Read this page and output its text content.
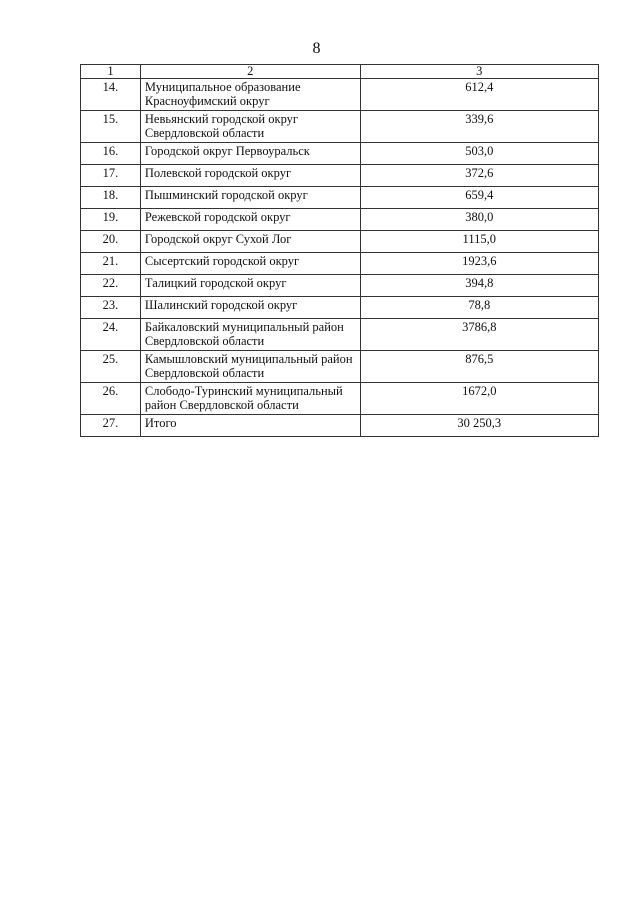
8
1	2	3
14.	Муниципальное образование Красноуфимский округ	612,4
15.	Невьянский городской округ Свердловской области	339,6
16.	Городской округ Первоуральск	503,0
17.	Полевской городской округ	372,6
18.	Пышминский городской округ	659,4
19.	Режевской городской округ	380,0
20.	Городской округ Сухой Лог	1115,0
21.	Сысертский городской округ	1923,6
22.	Талицкий городской округ	394,8
23.	Шалинский городской округ	78,8
24.	Байкаловский муниципальный район Свердловской области	3786,8
25.	Камышловский муниципальный район Свердловской области	876,5
26.	Слободо-Туринский муниципальный район Свердловской области	1672,0
27.	Итого	30 250,3
